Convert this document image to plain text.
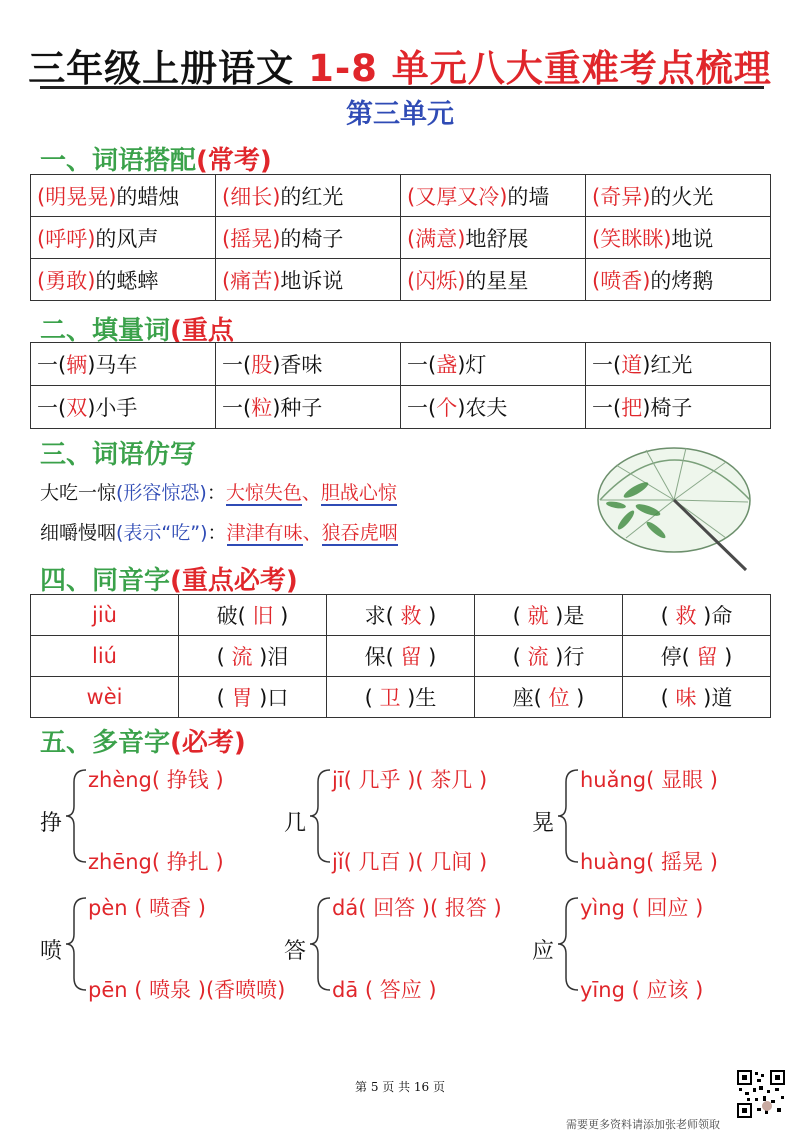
三年级上册语文 1-8 单元八大重难考点梳理
第三单元
一、词语搭配(常考)
(明晃晃)的蜡烛	(细长)的红光	(又厚又冷)的墙	(奇异)的火光
(呼呼)的风声	(摇晃)的椅子	(满意)地舒展	(笑眯眯)地说
(勇敢)的蟋蟀	(痛苦)地诉说	(闪烁)的星星	(喷香)的烤鹅
二、填量词(重点
一(辆)马车	一(股)香味	一(盏)灯	一(道)红光
一(双)小手	一(粒)种子	一(个)农夫	一(把)椅子
三、词语仿写
大吃一惊(形容惊恐)：大惊失色、胆战心惊
细嚼慢咽(表示“吃”)：津津有味、狼吞虎咽
四、同音字(重点必考)
jiù	破( 旧 )	求( 救 )	( 就 )是	( 救 )命
liú	( 流 )泪	保( 留 )	( 流 )行	停( 留 )
wèi	( 胃 )口	( 卫 )生	座( 位 )	( 味 )道
五、多音字(必考)
挣
zhèng( 挣钱 )
zhēng( 挣扎 )
几
jī( 几乎 )( 茶几 )
jǐ( 几百 )( 几间 )
晃
huǎng( 显眼 )
huàng( 摇晃 )
喷
pèn ( 喷香 )
pēn ( 喷泉 )(香喷喷)
答
dá( 回答 )( 报答 )
dā ( 答应 )
应
yìng ( 回应 )
yīng ( 应该 )
第 5 页 共 16 页
需要更多资料请添加张老师领取
